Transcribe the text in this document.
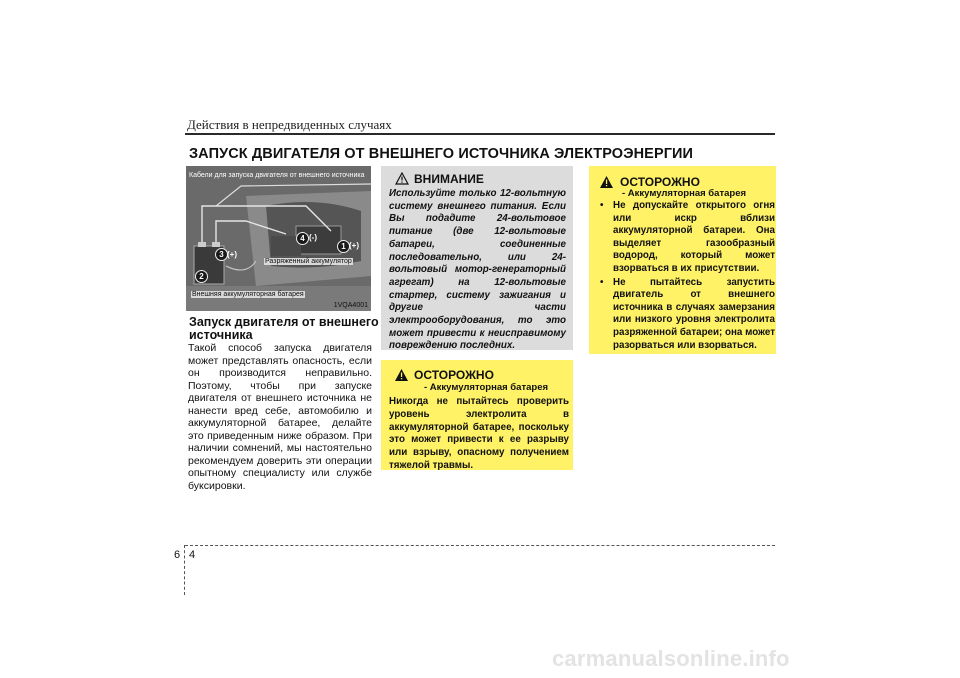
Действия в непредвиденных случаях
ЗАПУСК ДВИГАТЕЛЯ ОТ ВНЕШНЕГО ИСТОЧНИКА ЭЛЕКТРОЭНЕРГИИ
Кабели для запуска двигателя от внешнего источника
Разряженный аккумулятор
Внешняя аккумуляторная батарея
1VQA4001
1
2
3
4
(+)
(-)
(+)
Запуск двигателя от внешнего источника
Такой способ запуска двигателя может представлять опасность, если он производится неправильно. Поэтому, чтобы при запуске двигателя от внешнего источника не нанести вред себе, автомобилю и аккумуляторной батарее, делайте это приведенным ниже образом. При наличии сомнений, мы настоятельно рекомендуем доверить эти операции опытному специалисту или службе буксировки.
ВНИМАНИЕ
Используйте только 12-вольтную систему внешнего питания. Если Вы подадите 24-вольтовое питание (две 12-вольтовые батареи, соединенные последовательно, или 24-вольтовый мотор-генераторный агрегат) на 12-вольтовые стартер, систему зажигания и другие части электрооборудования, то это может привести к неисправимому повреждению последних.
ОСТОРОЖНО
- Аккумуляторная батарея
Никогда не пытайтесь проверить уровень электролита в аккумуляторной батарее, поскольку это может привести к ее разрыву или взрыву, опасному получением тяжелой травмы.
ОСТОРОЖНО
- Аккумуляторная батарея
• Не допускайте открытого огня или искр вблизи аккумуляторной батареи. Она выделяет газообразный водород, который может взорваться в их присутствии.
• Не пытайтесь запустить двигатель от внешнего источника в случаях замерзания или низкого уровня электролита разряженной батареи; она может разорваться или взорваться.
6 4
carmanualsonline.info
